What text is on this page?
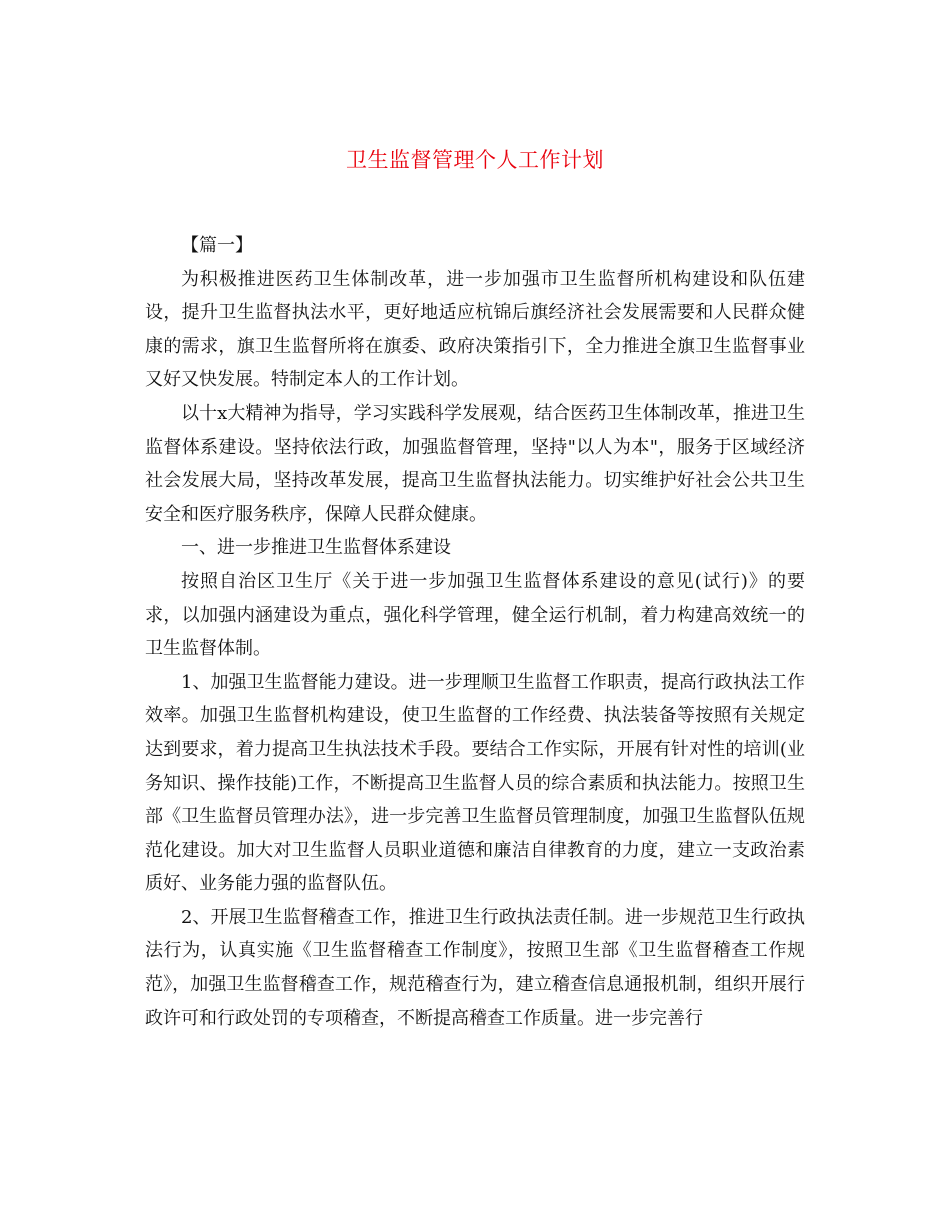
卫生监督管理个人工作计划

【篇一】

为积极推进医药卫生体制改革，进一步加强市卫生监督所机构建设和队伍建设，提升卫生监督执法水平，更好地适应杭锦后旗经济社会发展需要和人民群众健康的需求，旗卫生监督所将在旗委、政府决策指引下，全力推进全旗卫生监督事业又好又快发展。特制定本人的工作计划。

以十x大精神为指导，学习实践科学发展观，结合医药卫生体制改革，推进卫生监督体系建设。坚持依法行政，加强监督管理，坚持"以人为本"，服务于区域经济社会发展大局，坚持改革发展，提高卫生监督执法能力。切实维护好社会公共卫生安全和医疗服务秩序，保障人民群众健康。

一、进一步推进卫生监督体系建设

按照自治区卫生厅《关于进一步加强卫生监督体系建设的意见(试行)》的要求，以加强内涵建设为重点，强化科学管理，健全运行机制，着力构建高效统一的卫生监督体制。

1、加强卫生监督能力建设。进一步理顺卫生监督工作职责，提高行政执法工作效率。加强卫生监督机构建设，使卫生监督的工作经费、执法装备等按照有关规定达到要求，着力提高卫生执法技术手段。要结合工作实际，开展有针对性的培训(业务知识、操作技能)工作，不断提高卫生监督人员的综合素质和执法能力。按照卫生部《卫生监督员管理办法》，进一步完善卫生监督员管理制度，加强卫生监督队伍规范化建设。加大对卫生监督人员职业道德和廉洁自律教育的力度，建立一支政治素质好、业务能力强的监督队伍。

2、开展卫生监督稽查工作，推进卫生行政执法责任制。进一步规范卫生行政执法行为，认真实施《卫生监督稽查工作制度》，按照卫生部《卫生监督稽查工作规范》，加强卫生监督稽查工作，规范稽查行为，建立稽查信息通报机制，组织开展行政许可和行政处罚的专项稽查，不断提高稽查工作质量。进一步完善行
